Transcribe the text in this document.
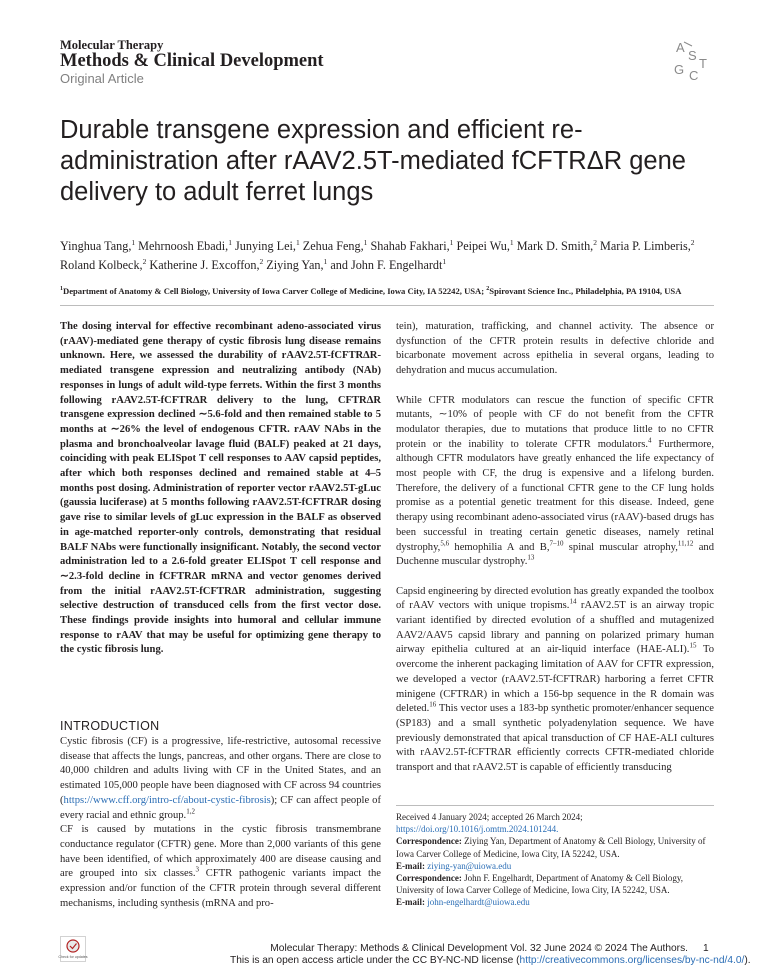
Molecular Therapy
Methods & Clinical Development
Original Article
A
S
G C
T
Durable transgene expression and efficient re-administration after rAAV2.5T-mediated fCFTRΔR gene delivery to adult ferret lungs
Yinghua Tang,$^1$ Mehrnoosh Ebadi,$^1$ Junying Lei,$^1$ Zehua Feng,$^1$ Shahab Fakhari,$^1$ Peipei Wu,$^1$ Mark D. Smith,$^2$ Maria P. Limberis,$^2$ Roland Kolbeck,$^2$ Katherine J. Excoffon,$^2$ Ziying Yan,$^1$ and John F. Engelhardt$^1$
$^1$Department of Anatomy & Cell Biology, University of Iowa Carver College of Medicine, Iowa City, IA 52242, USA; $^2$Spirovant Science Inc., Philadelphia, PA 19104, USA
The dosing interval for effective recombinant adeno-associated virus (rAAV)-mediated gene therapy of cystic fibrosis lung disease remains unknown. Here, we assessed the durability of rAAV2.5T-fCFTRΔR-mediated transgene expression and neutralizing antibody (NAb) responses in lungs of adult wild-type ferrets. Within the first 3 months following rAAV2.5T-fCFTRΔR delivery to the lung, CFTRΔR transgene expression declined ∼5.6-fold and then remained stable to 5 months at ∼26% the level of endogenous CFTR. rAAV NAbs in the plasma and bronchoalveolar lavage fluid (BALF) peaked at 21 days, coinciding with peak ELISpot T cell responses to AAV capsid peptides, after which both responses declined and remained stable at 4–5 months post dosing. Administration of reporter vector rAAV2.5T-gLuc (gaussia luciferase) at 5 months following rAAV2.5T-fCFTRΔR dosing gave rise to similar levels of gLuc expression in the BALF as observed in age-matched reporter-only controls, demonstrating that residual BALF NAbs were functionally insignificant. Notably, the second vector administration led to a 2.6-fold greater ELISpot T cell response and ∼2.3-fold decline in fCFTRΔR mRNA and vector genomes derived from the initial rAAV2.5T-fCFTRΔR administration, suggesting selective destruction of transduced cells from the first vector dose. These findings provide insights into humoral and cellular immune response to rAAV that may be useful for optimizing gene therapy to the cystic fibrosis lung.
INTRODUCTION

Cystic fibrosis (CF) is a progressive, life-restrictive, autosomal recessive disease that affects the lungs, pancreas, and other organs. There are close to 40,000 children and adults living with CF in the United States, and an estimated 105,000 people have been diagnosed with CF across 94 countries (https://www.cff.org/intro-cf/about-cystic-fibrosis); CF can affect people of every racial and ethnic group.$^{1,2}$

CF is caused by mutations in the cystic fibrosis transmembrane conductance regulator (CFTR) gene. More than 2,000 variants of this gene have been identified, of which approximately 400 are disease causing and are grouped into six classes.$^3$ CFTR pathogenic variants impact the expression and/or function of the CFTR protein through several different mechanisms, including synthesis (mRNA and pro-

tein), maturation, trafficking, and channel activity. The absence or dysfunction of the CFTR protein results in defective chloride and bicarbonate movement across epithelia in several organs, leading to dehydration and mucus accumulation.

While CFTR modulators can rescue the function of specific CFTR mutants, ∼10% of people with CF do not benefit from the CFTR modulator therapies, due to mutations that produce little to no CFTR protein or the inability to tolerate CFTR modulators.$^4$ Furthermore, although CFTR modulators have greatly enhanced the life expectancy of most people with CF, the drug is expensive and a lifelong burden. Therefore, the delivery of a functional CFTR gene to the CF lung holds promise as a potential genetic treatment for this disease. Indeed, gene therapy using recombinant adeno-associated virus (rAAV)-based drugs has been successful in treating certain genetic diseases, namely retinal dystrophy,$^{5,6}$ hemophilia A and B,$^{7-10}$ spinal muscular atrophy,$^{11,12}$ and Duchenne muscular dystrophy.$^{13}$

Capsid engineering by directed evolution has greatly expanded the toolbox of rAAV vectors with unique tropisms.$^{14}$ rAAV2.5T is an airway tropic variant identified by directed evolution of a shuffled and mutagenized AAV2/AAV5 capsid library and panning on polarized primary human airway epithelia cultured at an air-liquid interface (HAE-ALI).$^{15}$ To overcome the inherent packaging limitation of AAV for CFTR expression, we developed a vector (rAAV2.5T-fCFTRΔR) harboring a ferret CFTR minigene (CFTRΔR) in which a 156-bp sequence in the R domain was deleted.$^{16}$ This vector uses a 183-bp synthetic promoter/enhancer sequence (SP183) and a small synthetic polyadenylation sequence. We have previously demonstrated that apical transduction of CF HAE-ALI cultures with rAAV2.5T-fCFTRΔR efficiently corrects CFTR-mediated chloride transport and that rAAV2.5T is capable of efficiently transducing

Received 4 January 2024; accepted 26 March 2024;

https://doi.org/10.1016/j.omtm.2024.101244.

Correspondence: Ziying Yan, Department of Anatomy & Cell Biology, University of Iowa Carver College of Medicine, Iowa City, IA 52242, USA.

E-mail: ziying-yan@uiowa.edu

Correspondence: John F. Engelhardt, Department of Anatomy & Cell Biology, University of Iowa Carver College of Medicine, Iowa City, IA 52242, USA.

E-mail: john-engelhardt@uiowa.edu

Check for updates
Molecular Therapy: Methods & Clinical Development Vol. 32 June 2024 © 2024 The Authors.	1
This is an open access article under the CC BY-NC-ND license (http://creativecommons.org/licenses/by-nc-nd/4.0/).
